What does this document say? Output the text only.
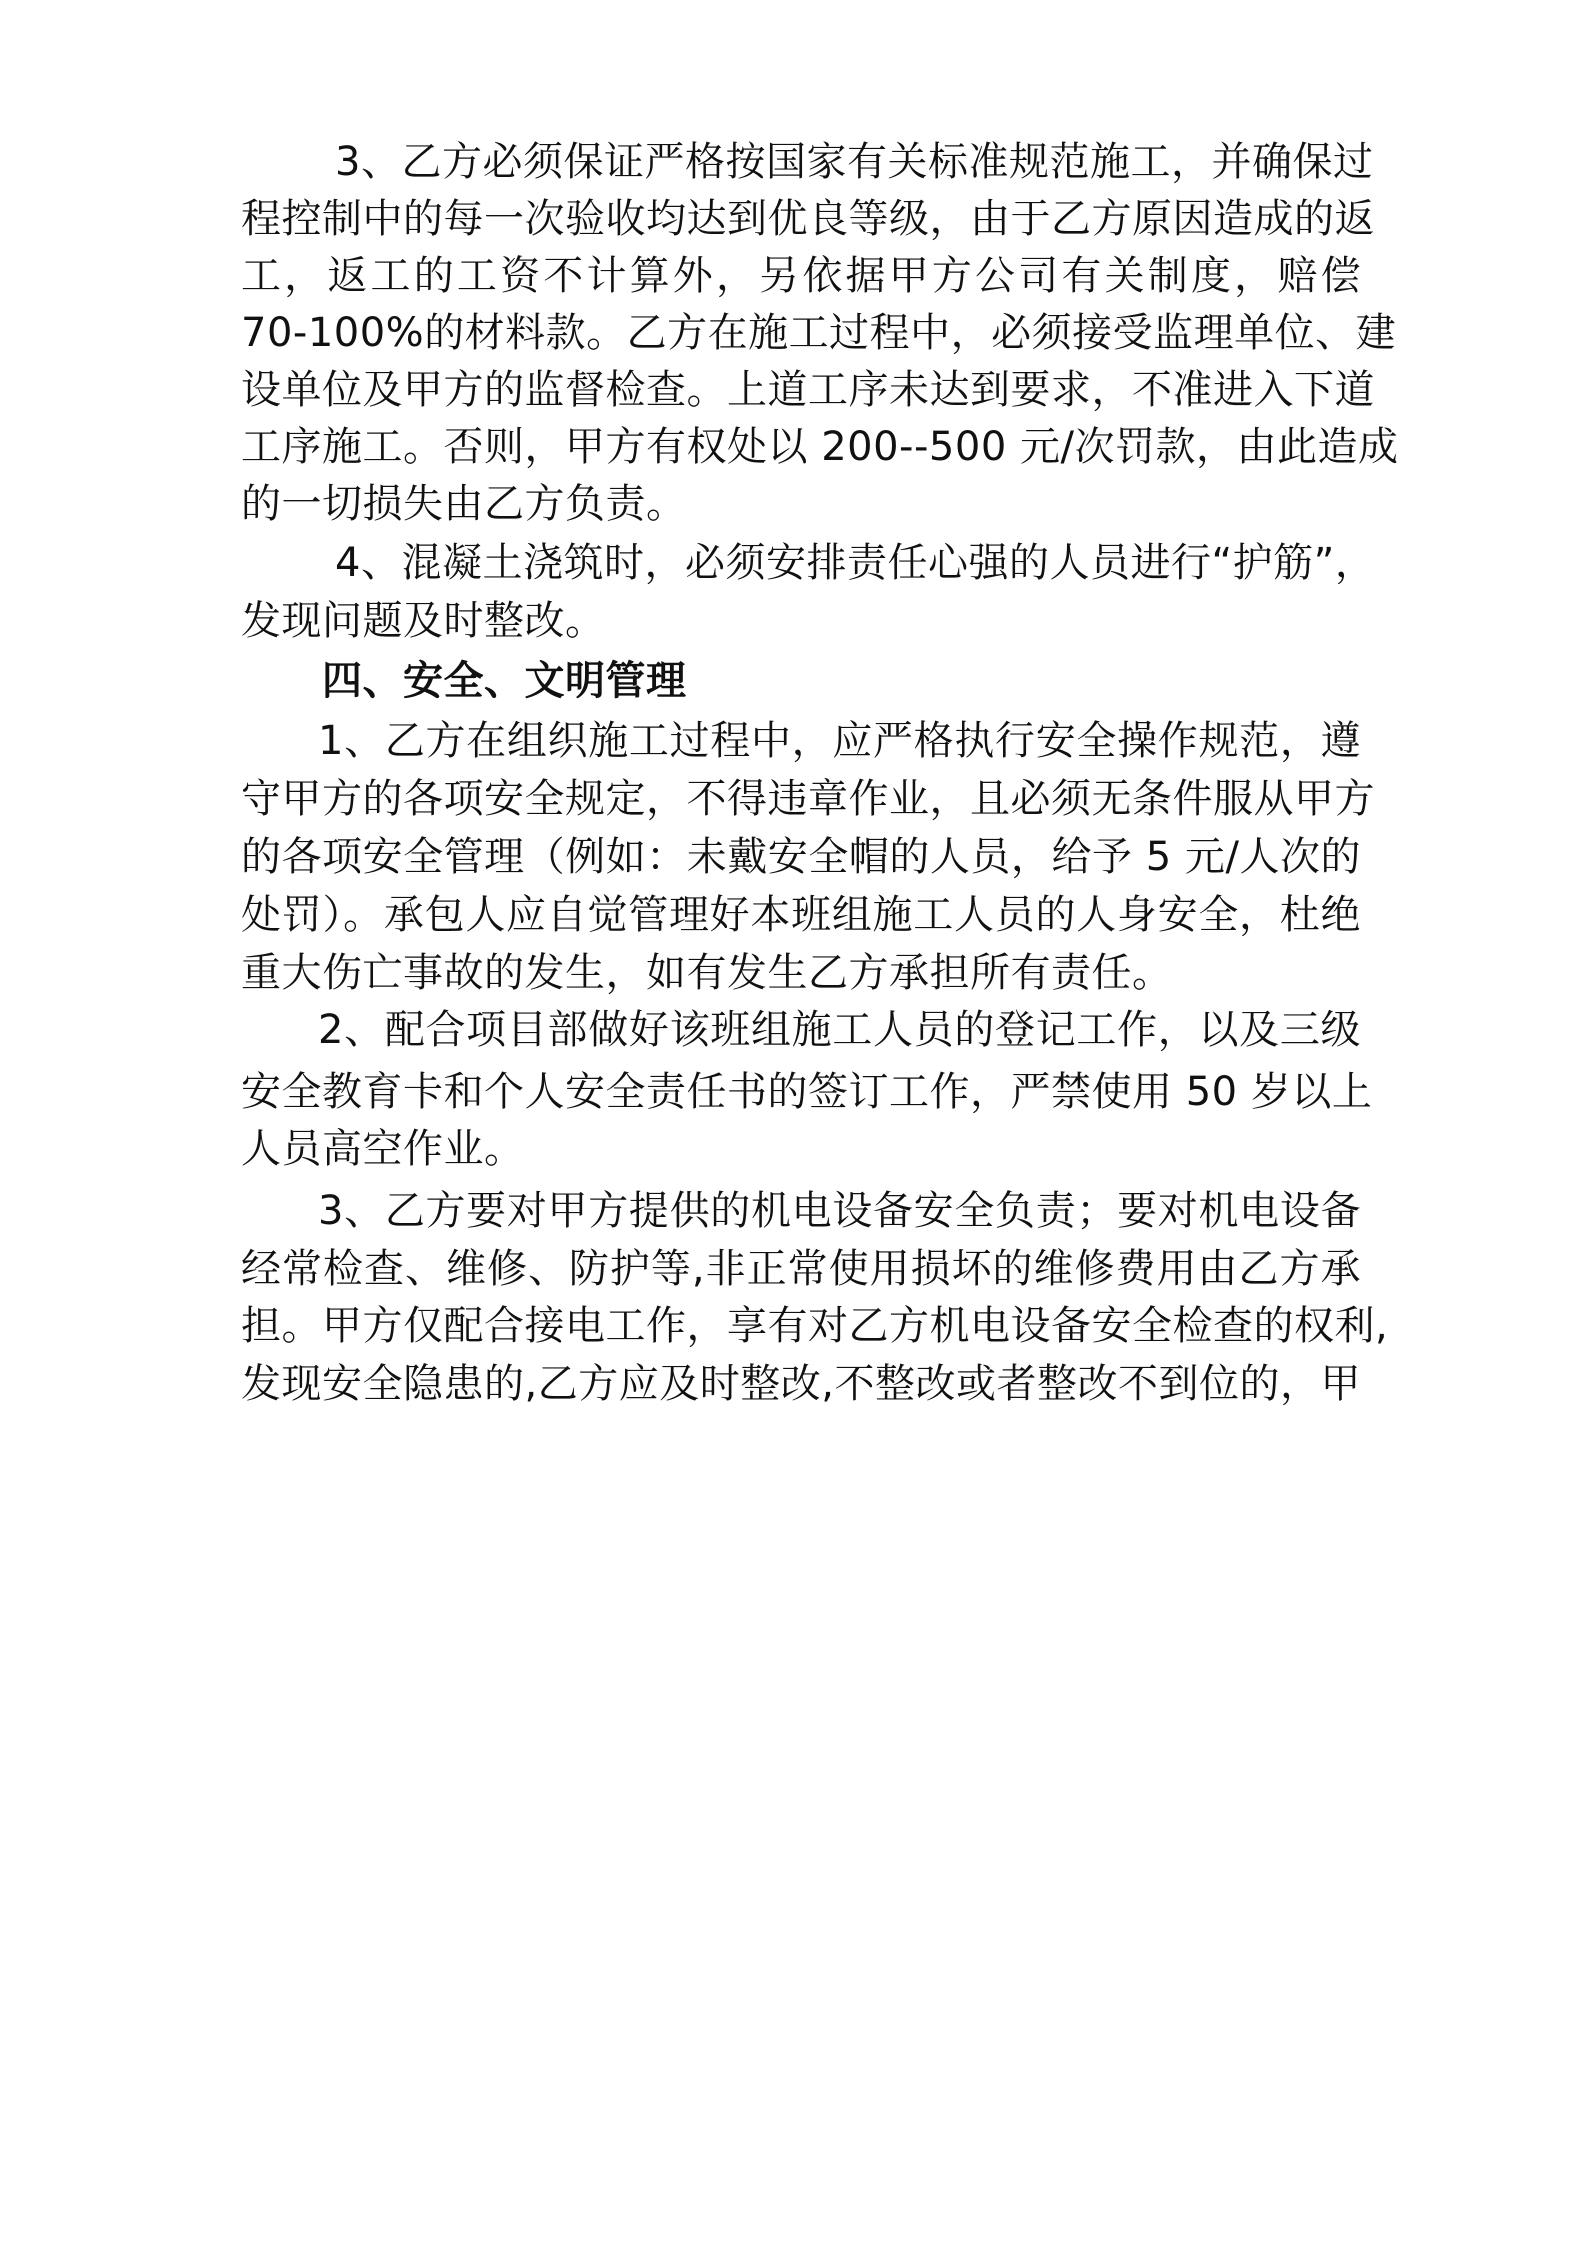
3、乙方必须保证严格按国家有关标准规范施工，并确保过

程控制中的每一次验收均达到优良等级，由于乙方原因造成的返

工，返工的工资不计算外，另依据甲方公司有关制度，赔偿

70-100%的材料款。乙方在施工过程中，必须接受监理单位、建

设单位及甲方的监督检查。上道工序未达到要求，不准进入下道

工序施工。否则，甲方有权处以 200--500 元/次罚款，由此造成

的一切损失由乙方负责。

4、混凝土浇筑时，必须安排责任心强的人员进行“护筋”，

发现问题及时整改。

四、安全、文明管理

1、乙方在组织施工过程中，应严格执行安全操作规范，遵

守甲方的各项安全规定，不得违章作业，且必须无条件服从甲方

的各项安全管理（例如：未戴安全帽的人员，给予 5 元/人次的

处罚）。承包人应自觉管理好本班组施工人员的人身安全，杜绝

重大伤亡事故的发生，如有发生乙方承担所有责任。

2、配合项目部做好该班组施工人员的登记工作，以及三级

安全教育卡和个人安全责任书的签订工作，严禁使用 50 岁以上

人员高空作业。

3、乙方要对甲方提供的机电设备安全负责；要对机电设备

经常检查、维修、防护等,非正常使用损坏的维修费用由乙方承

担。甲方仅配合接电工作，享有对乙方机电设备安全检查的权利,

发现安全隐患的,乙方应及时整改,不整改或者整改不到位的，甲
